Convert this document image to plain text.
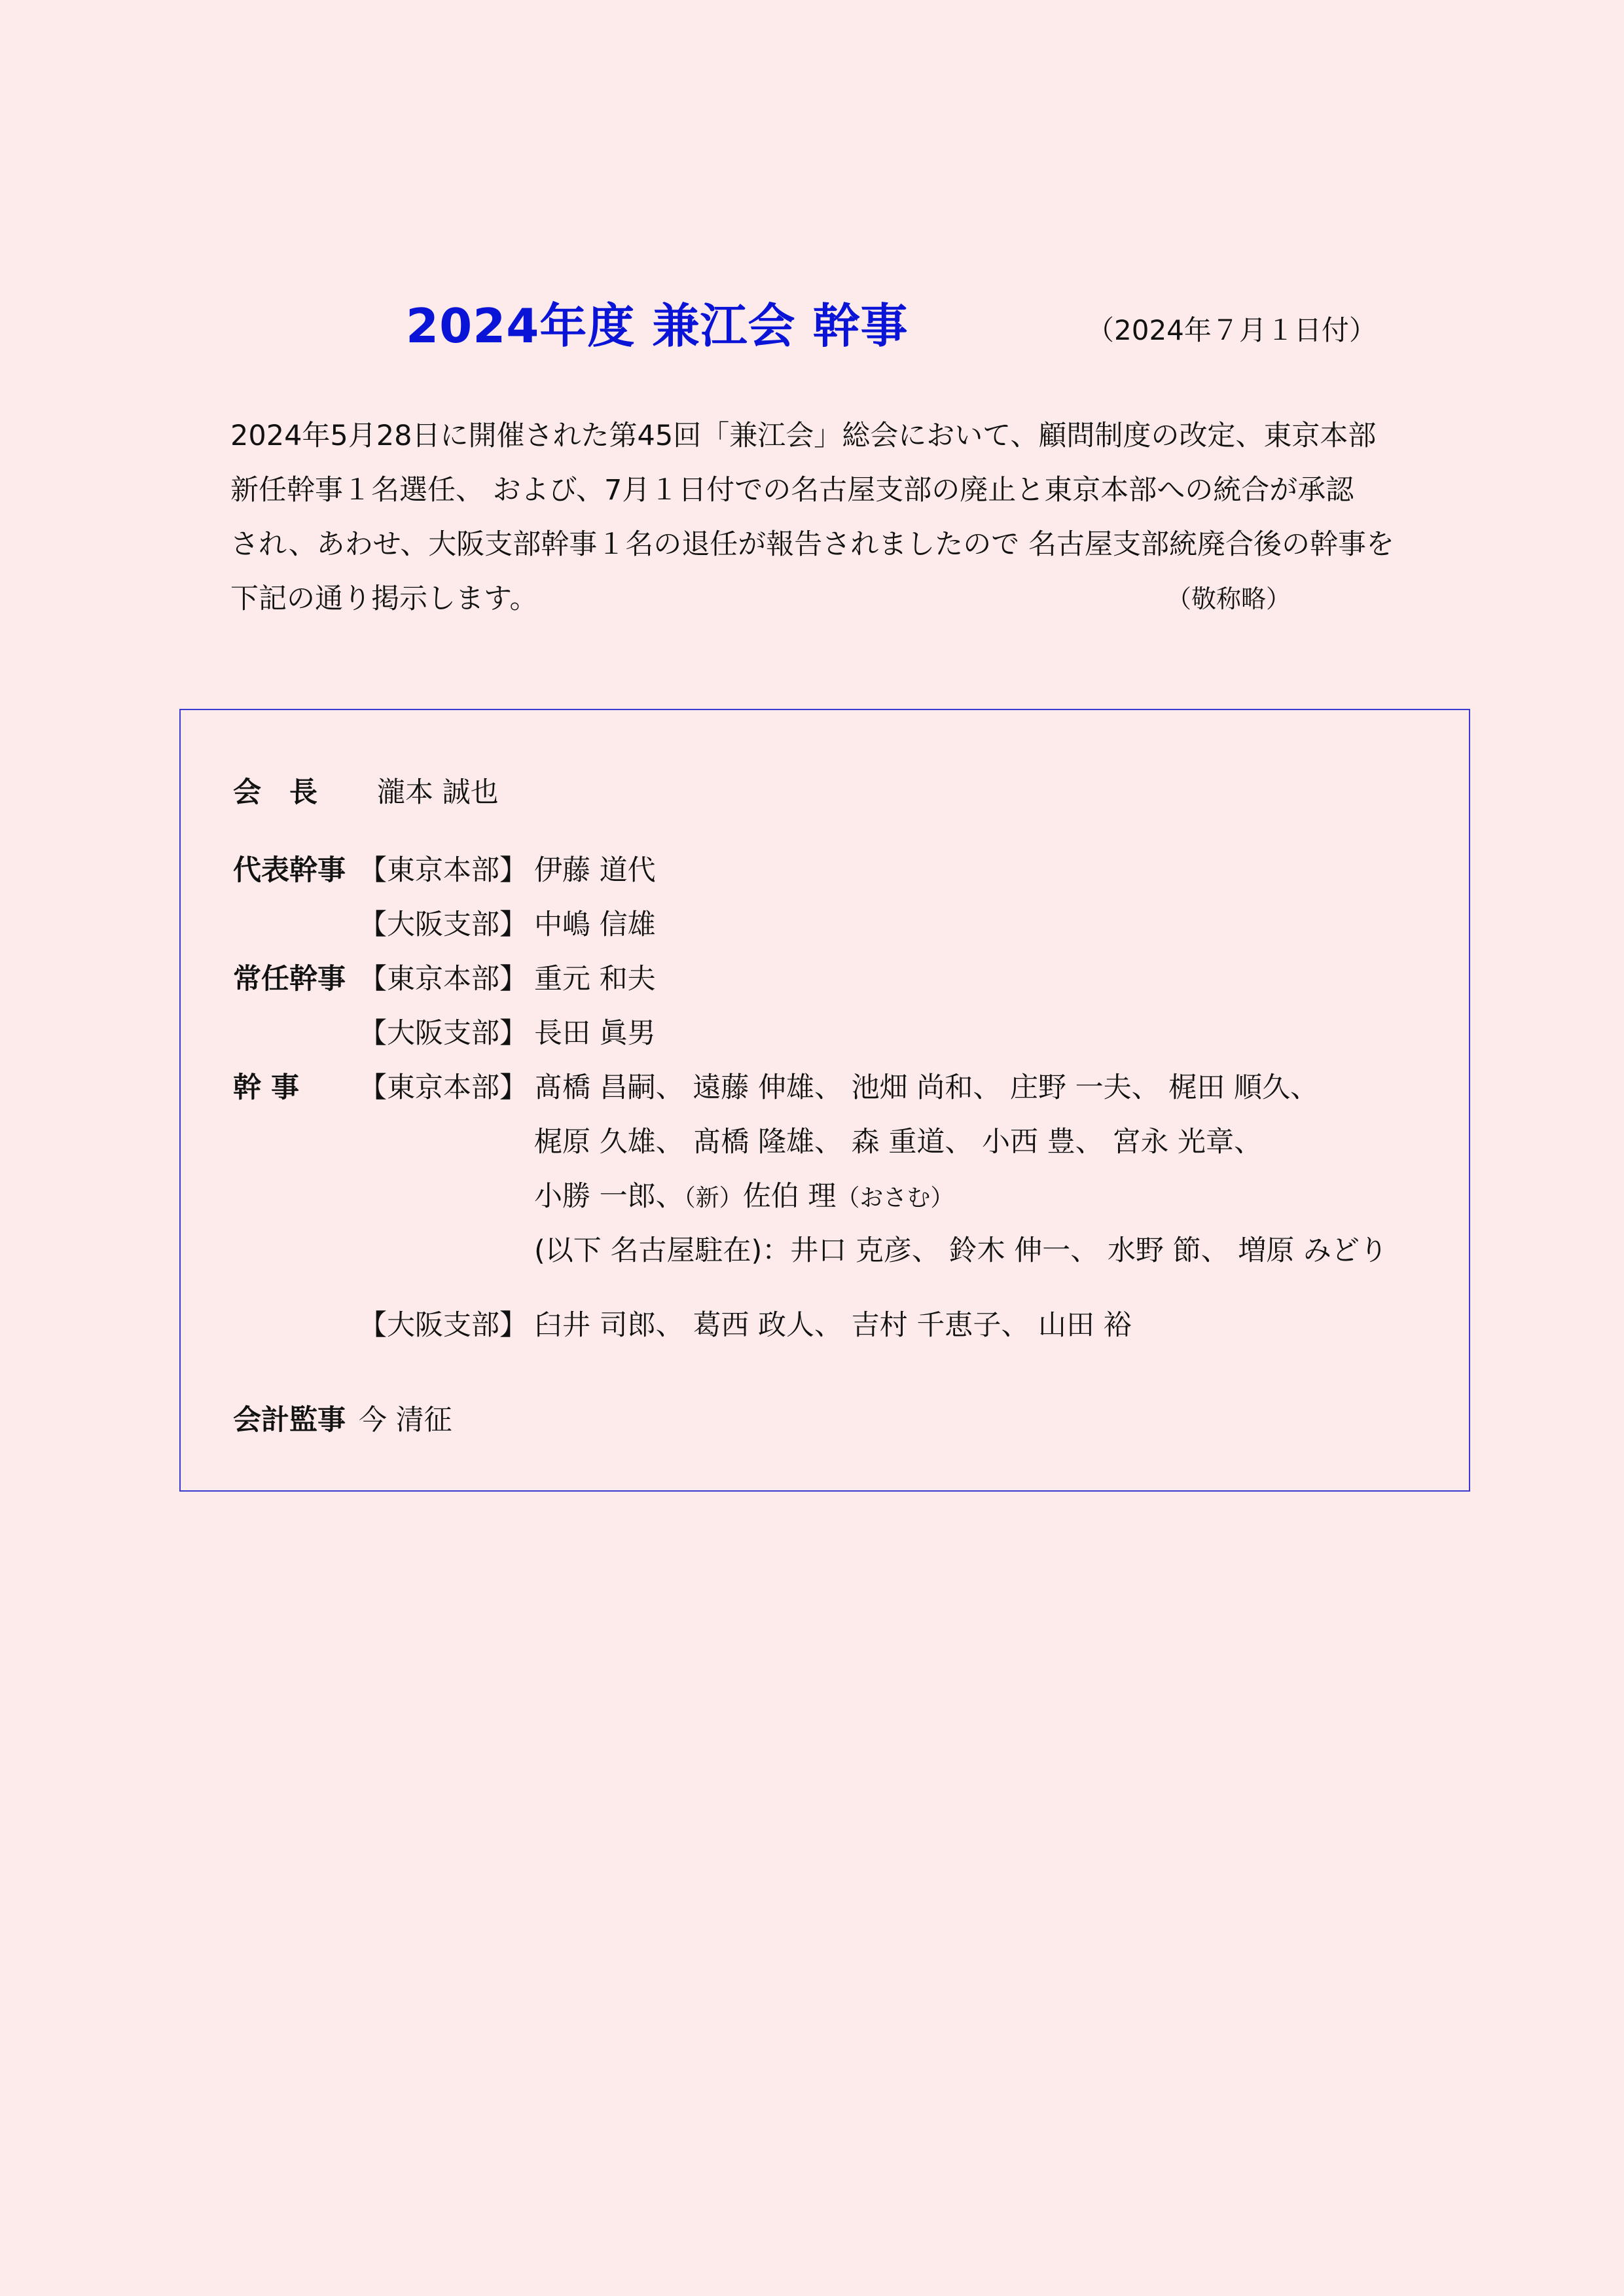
2024年度 兼江会 幹事	（2024年７月１日付）
2024年5月28日に開催された第45回「兼江会」総会において、顧問制度の改定、東京本部
新任幹事１名選任、 および、7月１日付での名古屋支部の廃止と東京本部への統合が承認
され、あわせ、大阪支部幹事１名の退任が報告されましたので 名古屋支部統廃合後の幹事を
下記の通り掲示します。	（敬称略）
会　長 瀧本 誠也
代表幹事 【東京本部】 伊藤 道代
【大阪支部】 中嶋 信雄
常任幹事 【東京本部】 重元 和夫
【大阪支部】 長田 眞男
幹 事 【東京本部】 髙橋 昌嗣、 遠藤 伸雄、 池畑 尚和、 庄野 一夫、 梶田 順久、
梶原 久雄、 髙橋 隆雄、 森 重道、 小西 豊、 宮永 光章、
小勝 一郎、（新）佐伯 理（おさむ）
(以下 名古屋駐在)：井口 克彦、 鈴木 伸一、 水野 節、 増原 みどり
【大阪支部】 臼井 司郎、 葛西 政人、 吉村 千恵子、 山田 裕
会計監事 今 清征
